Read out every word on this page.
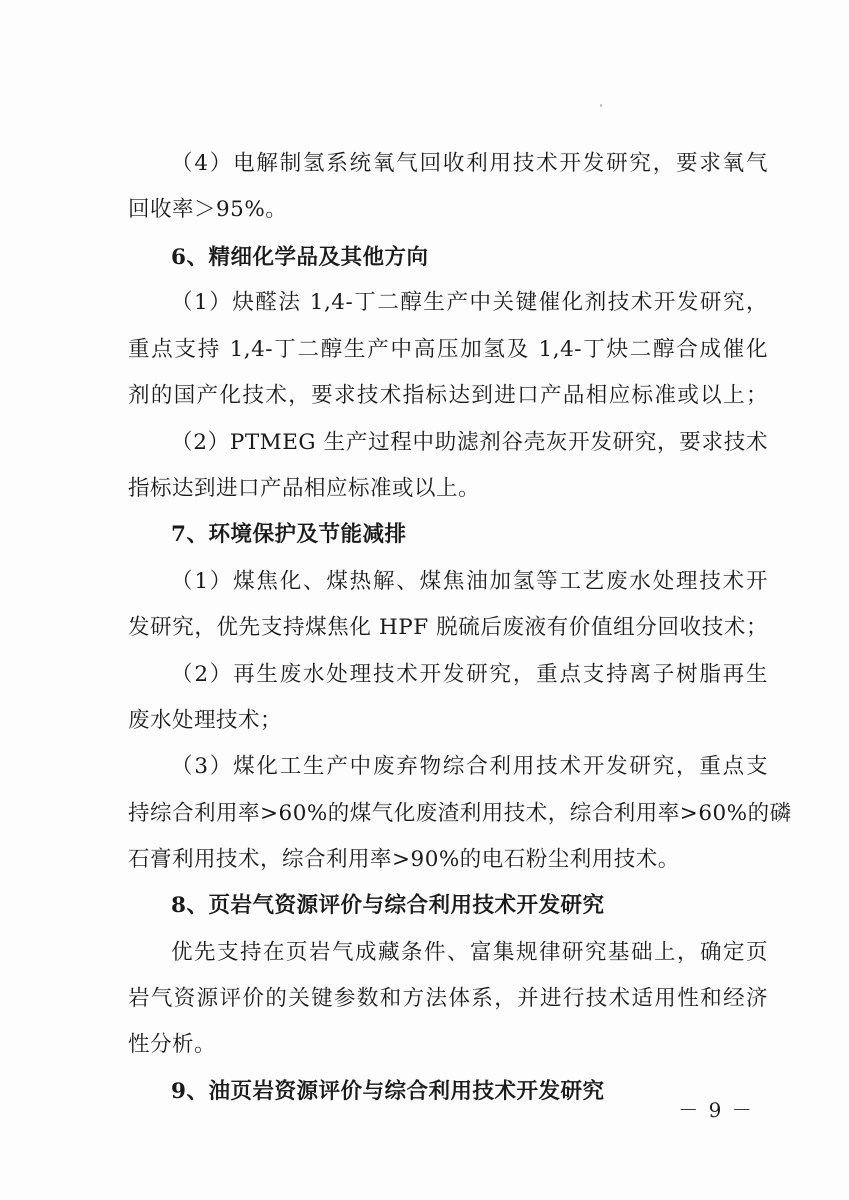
（4）电解制氢系统氧气回收利用技术开发研究，要求氧气
回收率＞95%。
6、精细化学品及其他方向
（1）炔醛法 1,4-丁二醇生产中关键催化剂技术开发研究，
重点支持 1,4-丁二醇生产中高压加氢及 1,4-丁炔二醇合成催化
剂的国产化技术，要求技术指标达到进口产品相应标准或以上；
（2）PTMEG 生产过程中助滤剂谷壳灰开发研究，要求技术
指标达到进口产品相应标准或以上。
7、环境保护及节能减排
（1）煤焦化、煤热解、煤焦油加氢等工艺废水处理技术开
发研究，优先支持煤焦化 HPF 脱硫后废液有价值组分回收技术；
（2）再生废水处理技术开发研究，重点支持离子树脂再生
废水处理技术；
（3）煤化工生产中废弃物综合利用技术开发研究，重点支
持综合利用率>60%的煤气化废渣利用技术，综合利用率>60%的磷
石膏利用技术，综合利用率>90%的电石粉尘利用技术。
8、页岩气资源评价与综合利用技术开发研究
优先支持在页岩气成藏条件、富集规律研究基础上，确定页
岩气资源评价的关键参数和方法体系，并进行技术适用性和经济
性分析。
9、油页岩资源评价与综合利用技术开发研究
－ 9 －
